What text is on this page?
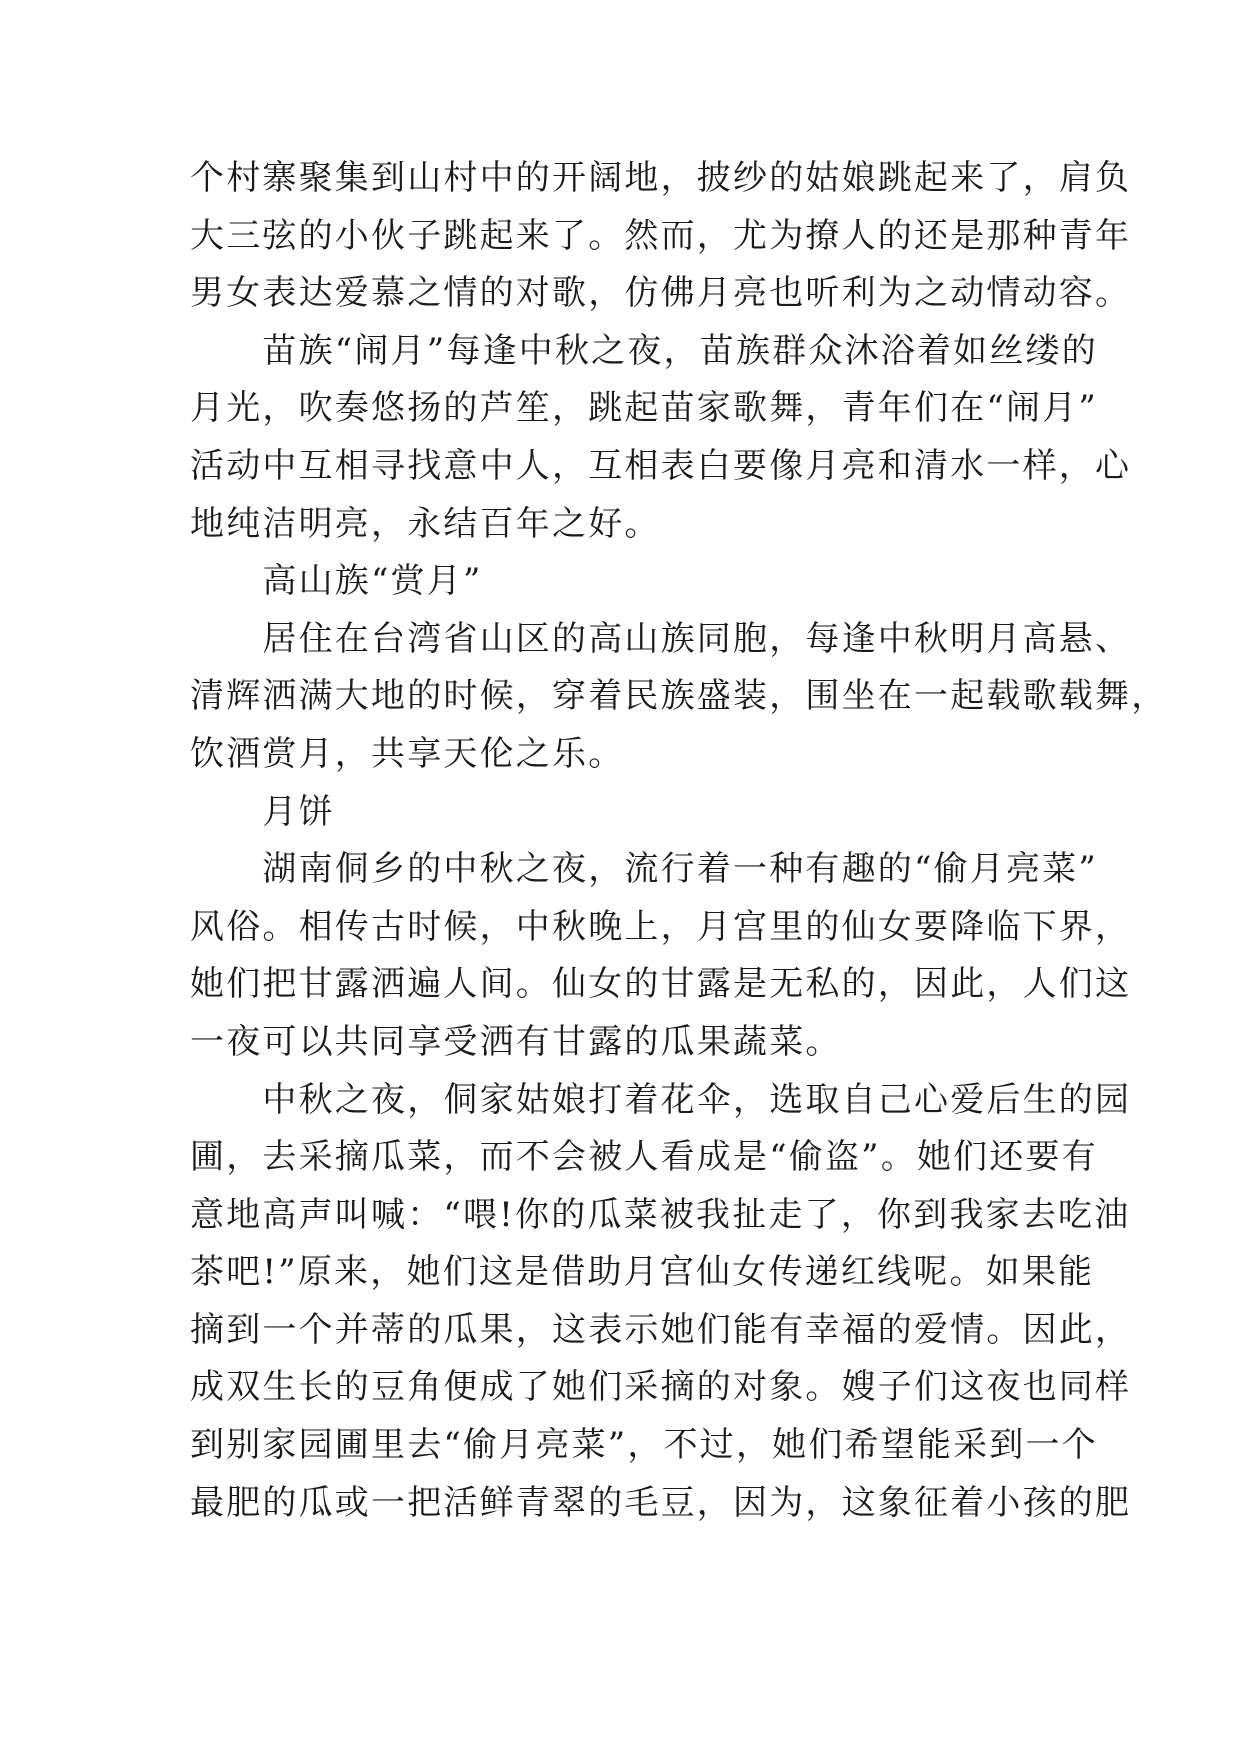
个村寨聚集到山村中的开阔地，披纱的姑娘跳起来了，肩负
大三弦的小伙子跳起来了。然而，尤为撩人的还是那种青年
男女表达爱慕之情的对歌，仿佛月亮也听利为之动情动容。
　　苗族“闹月”每逢中秋之夜，苗族群众沐浴着如丝缕的
月光，吹奏悠扬的芦笙，跳起苗家歌舞，青年们在“闹月”
活动中互相寻找意中人，互相表白要像月亮和清水一样，心
地纯洁明亮，永结百年之好。
　　高山族“赏月”
　　居住在台湾省山区的高山族同胞，每逢中秋明月高悬、
清辉洒满大地的时候，穿着民族盛装，围坐在一起载歌载舞，
饮酒赏月，共享天伦之乐。
　　月饼
　　湖南侗乡的中秋之夜，流行着一种有趣的“偷月亮菜”
风俗。相传古时候，中秋晚上，月宫里的仙女要降临下界，
她们把甘露洒遍人间。仙女的甘露是无私的，因此，人们这
一夜可以共同享受洒有甘露的瓜果蔬菜。
　　中秋之夜，侗家姑娘打着花伞，选取自己心爱后生的园
圃，去采摘瓜菜，而不会被人看成是“偷盗”。她们还要有
意地高声叫喊：“喂!你的瓜菜被我扯走了，你到我家去吃油
茶吧!”原来，她们这是借助月宫仙女传递红线呢。如果能
摘到一个并蒂的瓜果，这表示她们能有幸福的爱情。因此，
成双生长的豆角便成了她们采摘的对象。嫂子们这夜也同样
到别家园圃里去“偷月亮菜”，不过，她们希望能采到一个
最肥的瓜或一把活鲜青翠的毛豆，因为，这象征着小孩的肥
